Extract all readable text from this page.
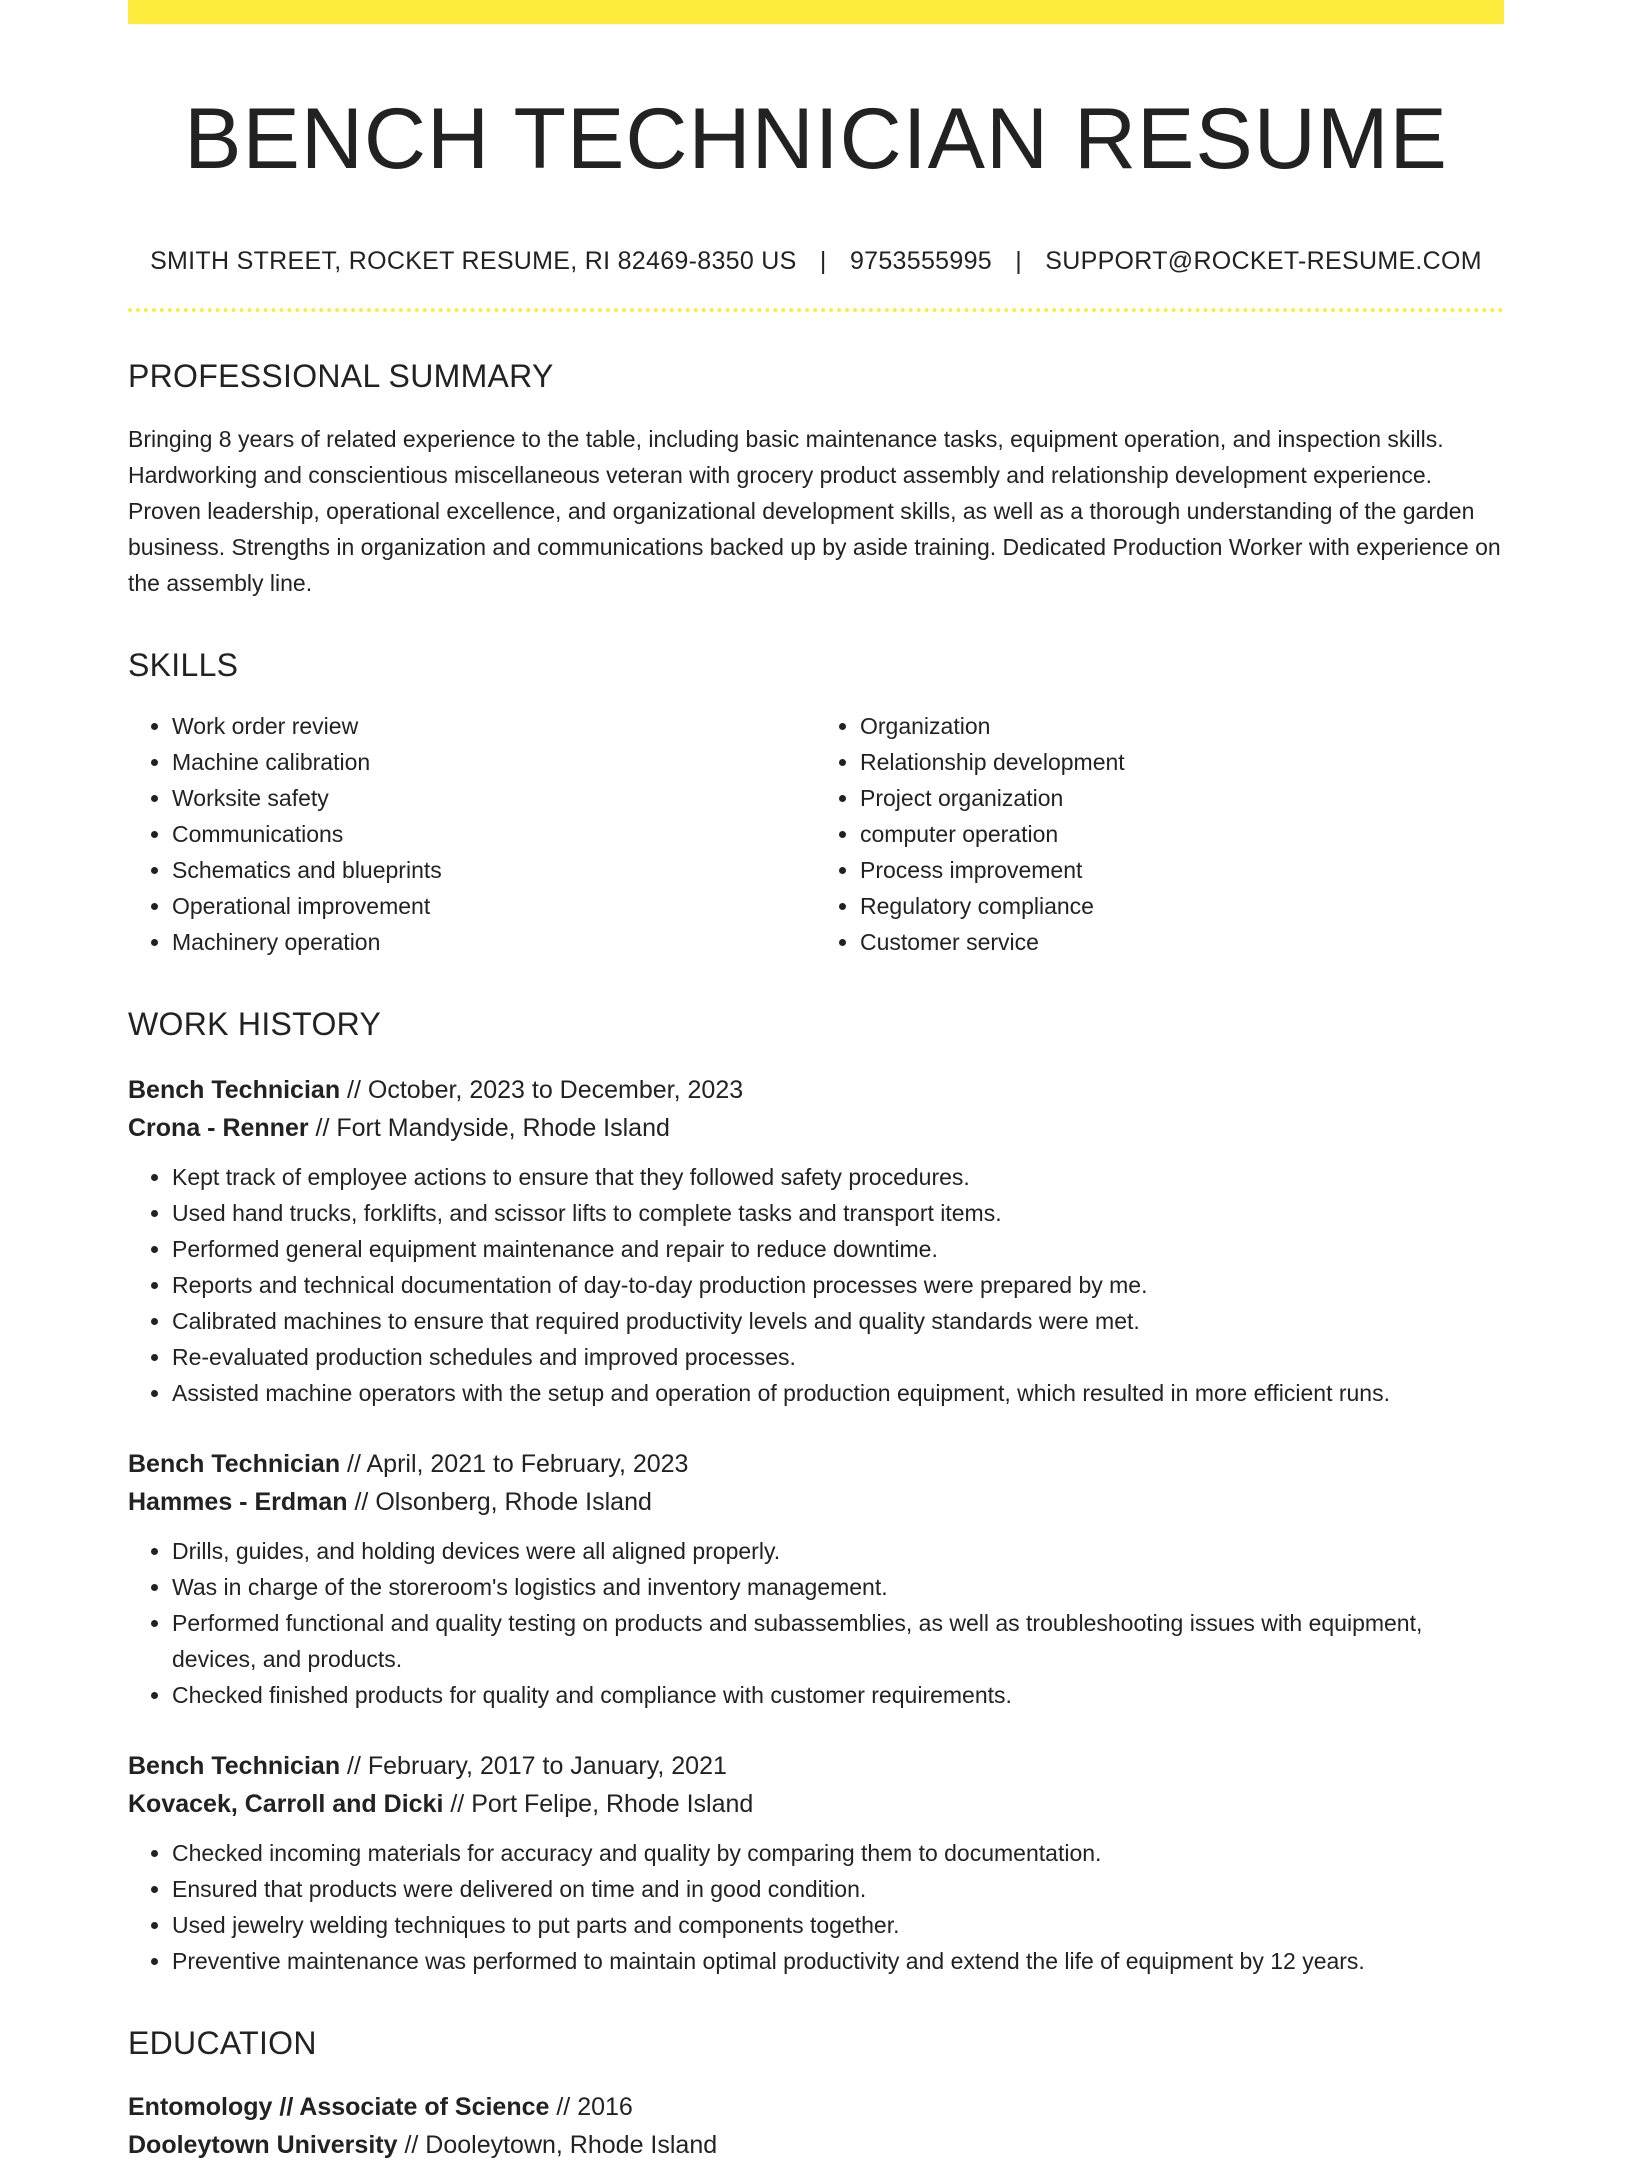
BENCH TECHNICIAN RESUME
SMITH STREET, ROCKET RESUME, RI 82469-8350 US | 9753555995 | SUPPORT@ROCKET-RESUME.COM
PROFESSIONAL SUMMARY
Bringing 8 years of related experience to the table, including basic maintenance tasks, equipment operation, and inspection skills. Hardworking and conscientious miscellaneous veteran with grocery product assembly and relationship development experience. Proven leadership, operational excellence, and organizational development skills, as well as a thorough understanding of the garden business. Strengths in organization and communications backed up by aside training. Dedicated Production Worker with experience on the assembly line.
SKILLS
• Work order review
• Machine calibration
• Worksite safety
• Communications
• Schematics and blueprints
• Operational improvement
• Machinery operation
• Organization
• Relationship development
• Project organization
• computer operation
• Process improvement
• Regulatory compliance
• Customer service
WORK HISTORY
Bench Technician // October, 2023 to December, 2023
Crona - Renner // Fort Mandyside, Rhode Island
• Kept track of employee actions to ensure that they followed safety procedures.
• Used hand trucks, forklifts, and scissor lifts to complete tasks and transport items.
• Performed general equipment maintenance and repair to reduce downtime.
• Reports and technical documentation of day-to-day production processes were prepared by me.
• Calibrated machines to ensure that required productivity levels and quality standards were met.
• Re-evaluated production schedules and improved processes.
• Assisted machine operators with the setup and operation of production equipment, which resulted in more efficient runs.
Bench Technician // April, 2021 to February, 2023
Hammes - Erdman // Olsonberg, Rhode Island
• Drills, guides, and holding devices were all aligned properly.
• Was in charge of the storeroom's logistics and inventory management.
• Performed functional and quality testing on products and subassemblies, as well as troubleshooting issues with equipment, devices, and products.
• Checked finished products for quality and compliance with customer requirements.
Bench Technician // February, 2017 to January, 2021
Kovacek, Carroll and Dicki // Port Felipe, Rhode Island
• Checked incoming materials for accuracy and quality by comparing them to documentation.
• Ensured that products were delivered on time and in good condition.
• Used jewelry welding techniques to put parts and components together.
• Preventive maintenance was performed to maintain optimal productivity and extend the life of equipment by 12 years.
EDUCATION
Entomology // Associate of Science // 2016
Dooleytown University // Dooleytown, Rhode Island
